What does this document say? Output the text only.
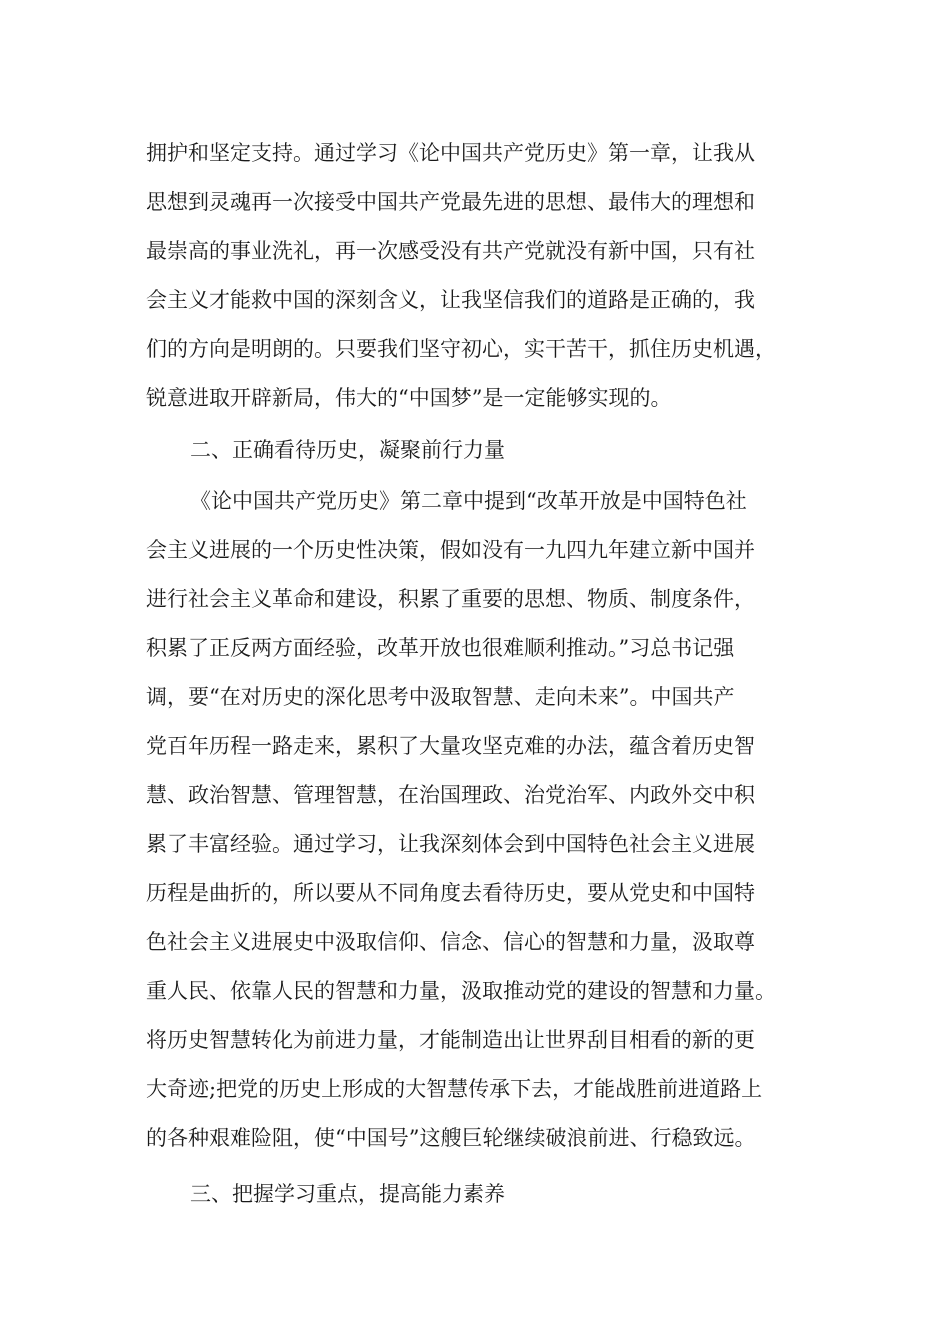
拥护和坚定支持。通过学习《论中国共产党历史》第一章，让我从
思想到灵魂再一次接受中国共产党最先进的思想、最伟大的理想和
最崇高的事业洗礼，再一次感受没有共产党就没有新中国，只有社
会主义才能救中国的深刻含义，让我坚信我们的道路是正确的，我
们的方向是明朗的。只要我们坚守初心，实干苦干，抓住历史机遇，
锐意进取开辟新局，伟大的“中国梦”是一定能够实现的。
二、正确看待历史，凝聚前行力量
《论中国共产党历史》第二章中提到“改革开放是中国特色社
会主义进展的一个历史性决策，假如没有一九四九年建立新中国并
进行社会主义革命和建设，积累了重要的思想、物质、制度条件，
积累了正反两方面经验，改革开放也很难顺利推动。”习总书记强
调，要“在对历史的深化思考中汲取智慧、走向未来”。中国共产
党百年历程一路走来，累积了大量攻坚克难的办法，蕴含着历史智
慧、政治智慧、管理智慧，在治国理政、治党治军、内政外交中积
累了丰富经验。通过学习，让我深刻体会到中国特色社会主义进展
历程是曲折的，所以要从不同角度去看待历史，要从党史和中国特
色社会主义进展史中汲取信仰、信念、信心的智慧和力量，汲取尊
重人民、依靠人民的智慧和力量，汲取推动党的建设的智慧和力量。
将历史智慧转化为前进力量，才能制造出让世界刮目相看的新的更
大奇迹;把党的历史上形成的大智慧传承下去，才能战胜前进道路上
的各种艰难险阻，使“中国号”这艘巨轮继续破浪前进、行稳致远。
三、把握学习重点，提高能力素养
